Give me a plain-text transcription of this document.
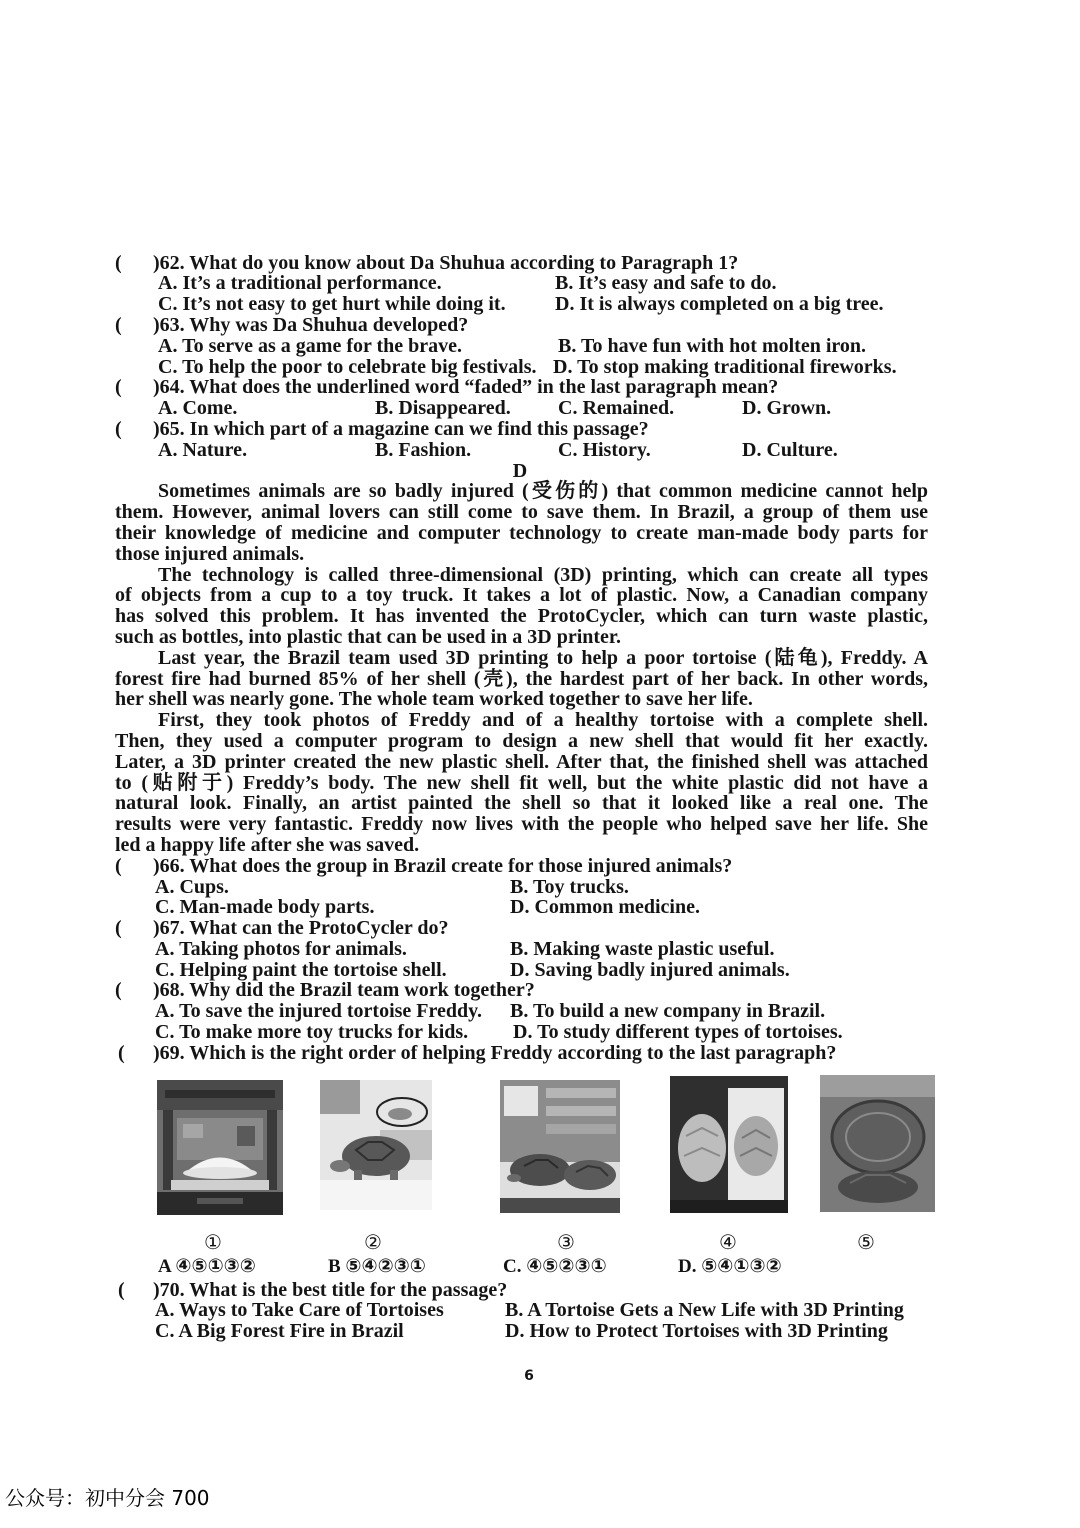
( )62. What do you know about Da Shuhua according to Paragraph 1?
A. It’s a traditional performance.	B. It’s easy and safe to do.
C. It’s not easy to get hurt while doing it. D. It is always completed on a big tree.
( )63. Why was Da Shuhua developed?
A. To serve as a game for the brave.	B. To have fun with hot molten iron.
C. To help the poor to celebrate big festivals. D. To stop making traditional fireworks.
( )64. What does the underlined word “faded” in the last paragraph mean?
A. Come.	B. Disappeared. C. Remained.	D. Grown.
( )65. In which part of a magazine can we find this passage?
A. Nature.	B. Fashion.	C. History.	D. Culture.
D
Sometimes animals are so badly injured (受伤的) that common medicine cannot help
them. However, animal lovers can still come to save them. In Brazil, a group of them use
their knowledge of medicine and computer technology to create man-made body parts for
those injured animals.
The technology is called three-dimensional (3D) printing, which can create all types
of objects from a cup to a toy truck. It takes a lot of plastic. Now, a Canadian company
has solved this problem. It has invented the ProtoCycler, which can turn waste plastic,
such as bottles, into plastic that can be used in a 3D printer.
Last year, the Brazil team used 3D printing to help a poor tortoise (陆龟), Freddy. A
forest fire had burned 85% of her shell (壳), the hardest part of her back. In other words,
her shell was nearly gone. The whole team worked together to save her life.
First, they took photos of Freddy and of a healthy tortoise with a complete shell.
Then, they used a computer program to design a new shell that would fit her exactly.
Later, a 3D printer created the new plastic shell. After that, the finished shell was attached
to (贴附于) Freddy’s body. The new shell fit well, but the white plastic did not have a
natural look. Finally, an artist painted the shell so that it looked like a real one. The
results were very fantastic. Freddy now lives with the people who helped save her life. She
led a happy life after she was saved.
( )66. What does the group in Brazil create for those injured animals?
A. Cups.	B. Toy trucks.
C. Man-made body parts.	D. Common medicine.
( )67. What can the ProtoCycler do?
A. Taking photos for animals.	B. Making waste plastic useful.
C. Helping paint the tortoise shell.	D. Saving badly injured animals.
( )68. Why did the Brazil team work together?
A. To save the injured tortoise Freddy. B. To build a new company in Brazil.
C. To make more toy trucks for kids. D. To study different types of tortoises.
( )69. Which is the right order of helping Freddy according to the last paragraph?
①	②	③	④	⑤
A ④⑤①③②	B ⑤④②③①	C. ④⑤②③①	D. ⑤④①③②
( )70. What is the best title for the passage?
A. Ways to Take Care of Tortoises	B. A Tortoise Gets a New Life with 3D Printing
C. A Big Forest Fire in Brazil	D. How to Protect Tortoises with 3D Printing
6
公众号：初中分会 700
